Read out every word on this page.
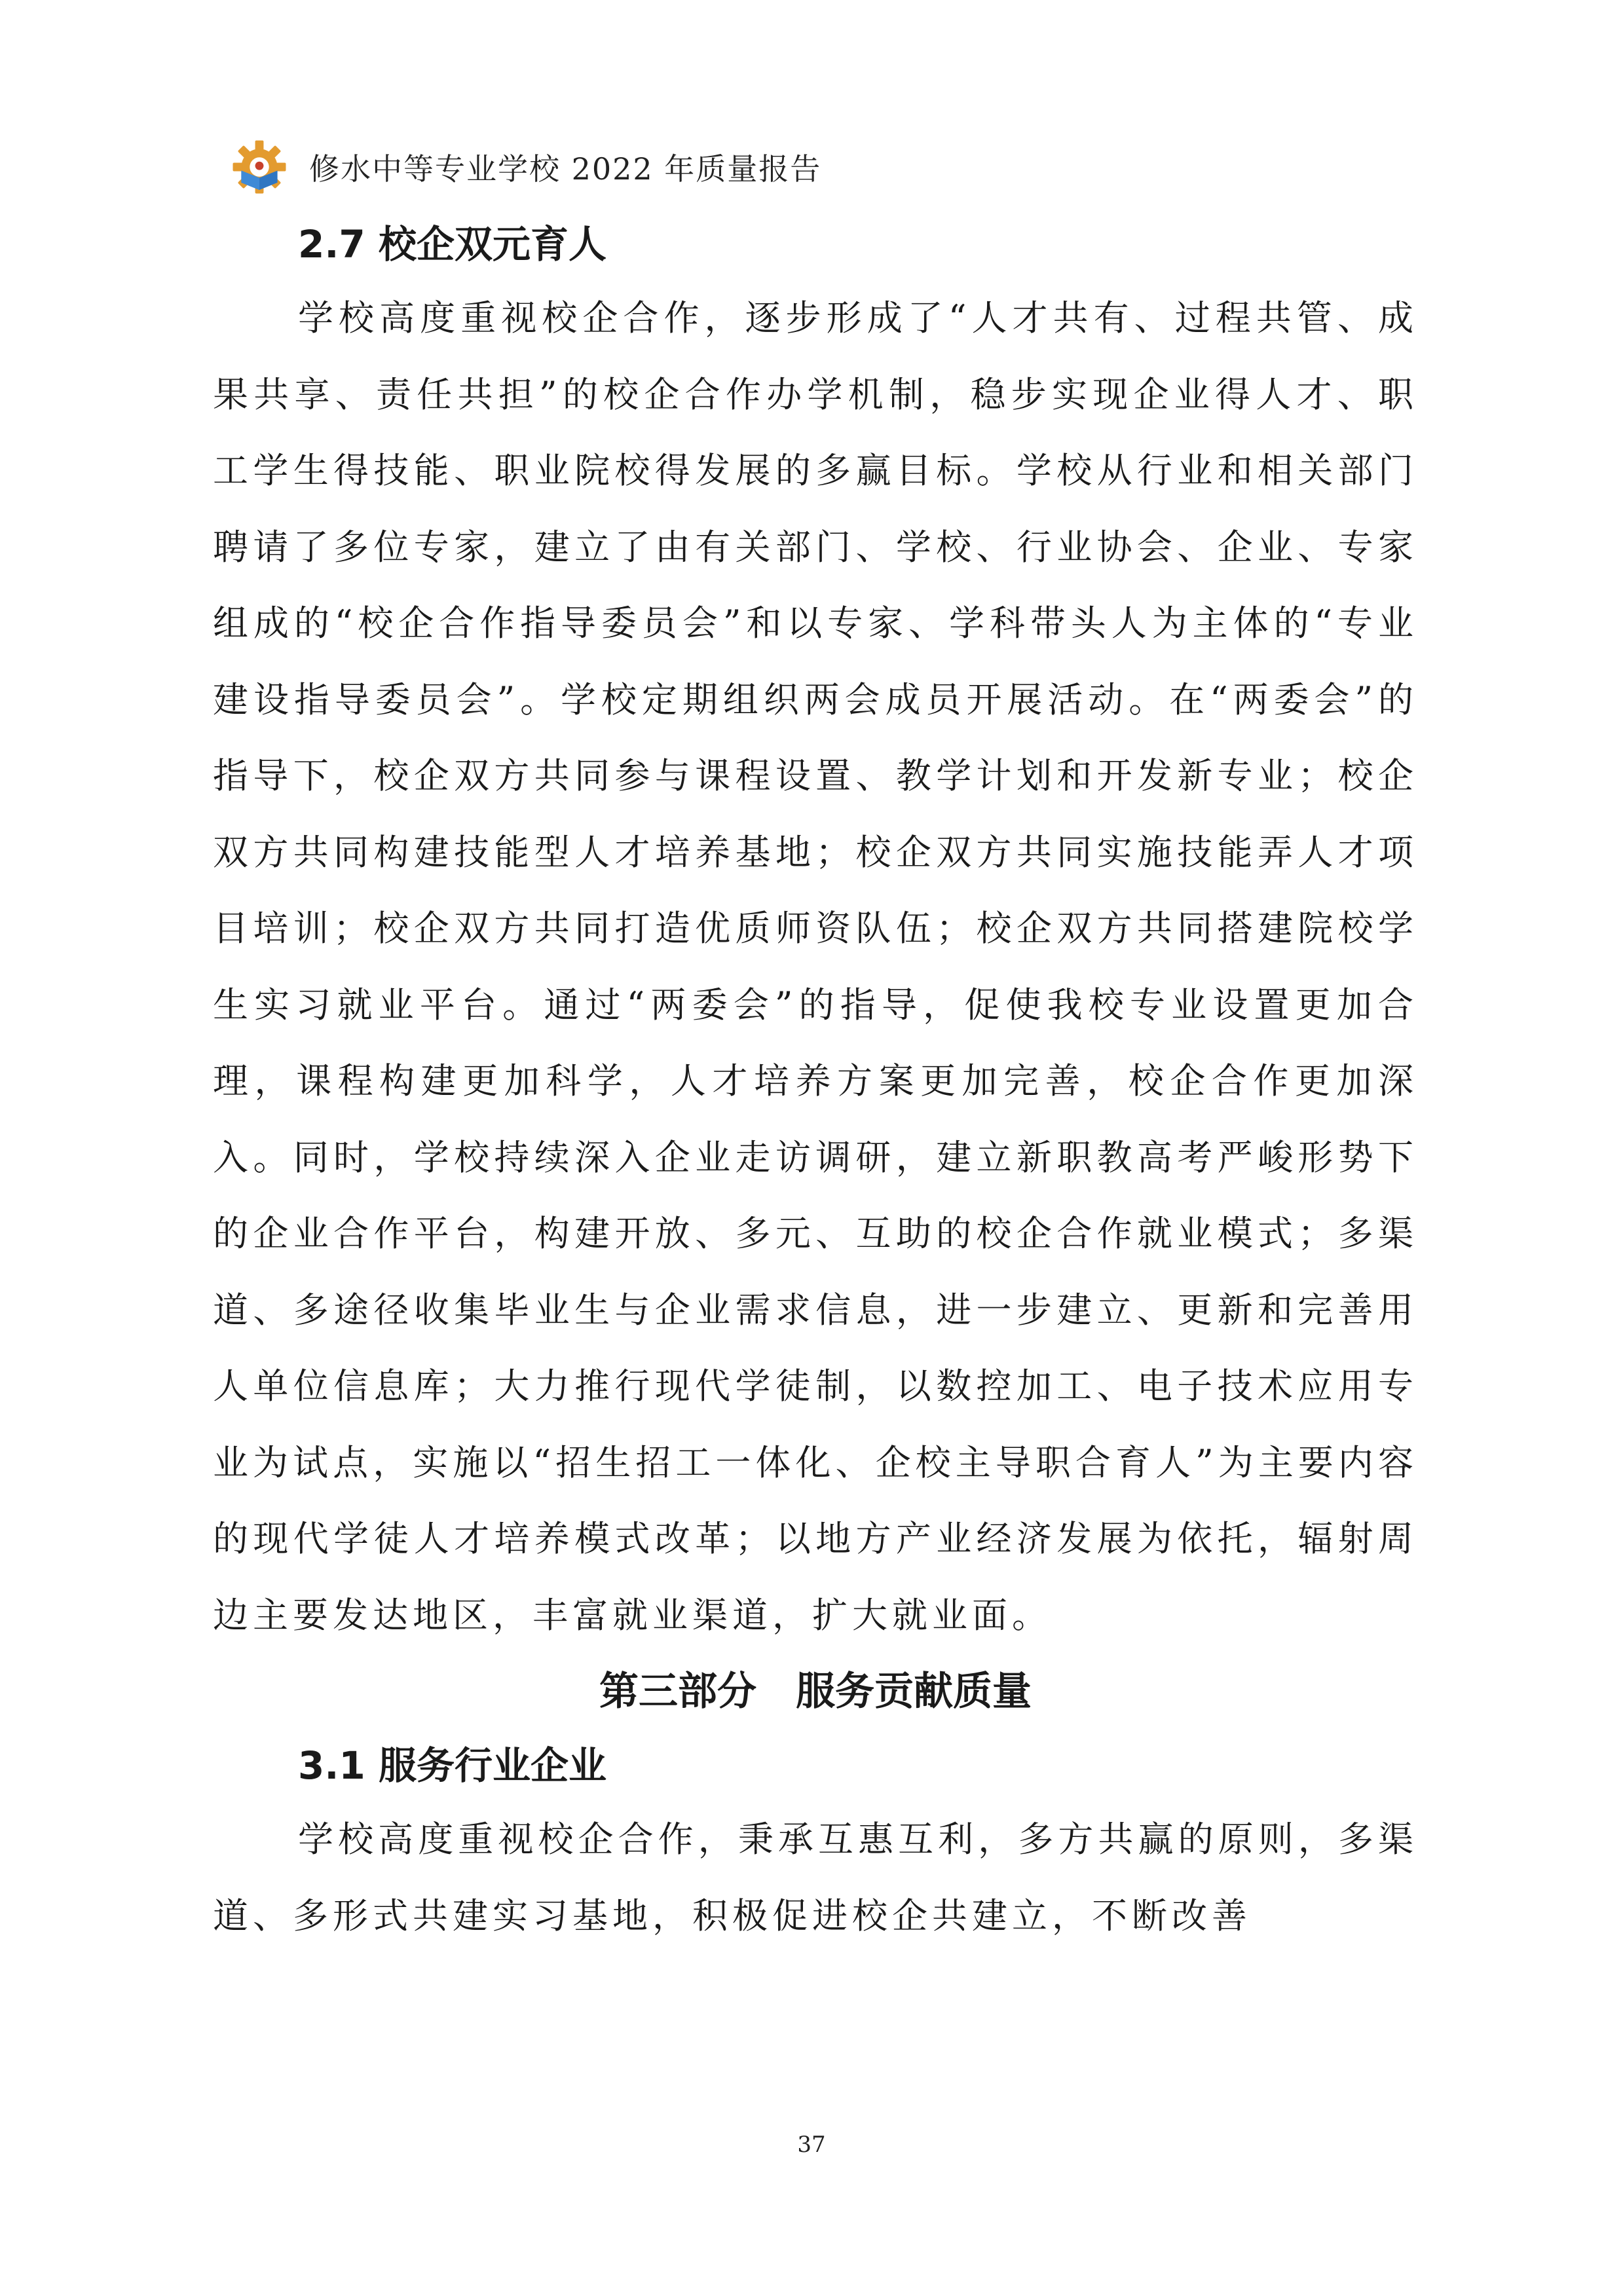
修水中等专业学校 2022 年质量报告
2.7 校企双元育人

学校高度重视校企合作，逐步形成了“人才共有、过程共管、成果共享、责任共担”的校企合作办学机制，稳步实现企业得人才、职工学生得技能、职业院校得发展的多赢目标。学校从行业和相关部门聘请了多位专家，建立了由有关部门、学校、行业协会、企业、专家组成的“校企合作指导委员会”和以专家、学科带头人为主体的“专业建设指导委员会”。学校定期组织两会成员开展活动。在“两委会”的指导下，校企双方共同参与课程设置、教学计划和开发新专业；校企双方共同构建技能型人才培养基地；校企双方共同实施技能弄人才项目培训；校企双方共同打造优质师资队伍；校企双方共同搭建院校学生实习就业平台。通过“两委会”的指导，促使我校专业设置更加合理，课程构建更加科学，人才培养方案更加完善，校企合作更加深入。同时，学校持续深入企业走访调研，建立新职教高考严峻形势下的企业合作平台，构建开放、多元、互助的校企合作就业模式；多渠道、多途径收集毕业生与企业需求信息，进一步建立、更新和完善用人单位信息库；大力推行现代学徒制，以数控加工、电子技术应用专业为试点，实施以“招生招工一体化、企校主导职合育人”为主要内容的现代学徒人才培养模式改革；以地方产业经济发展为依托，辐射周边主要发达地区，丰富就业渠道，扩大就业面。

第三部分　服务贡献质量
3.1 服务行业企业

学校高度重视校企合作，秉承互惠互利，多方共赢的原则，多渠道、多形式共建实习基地，积极促进校企共建立，不断改善

37
